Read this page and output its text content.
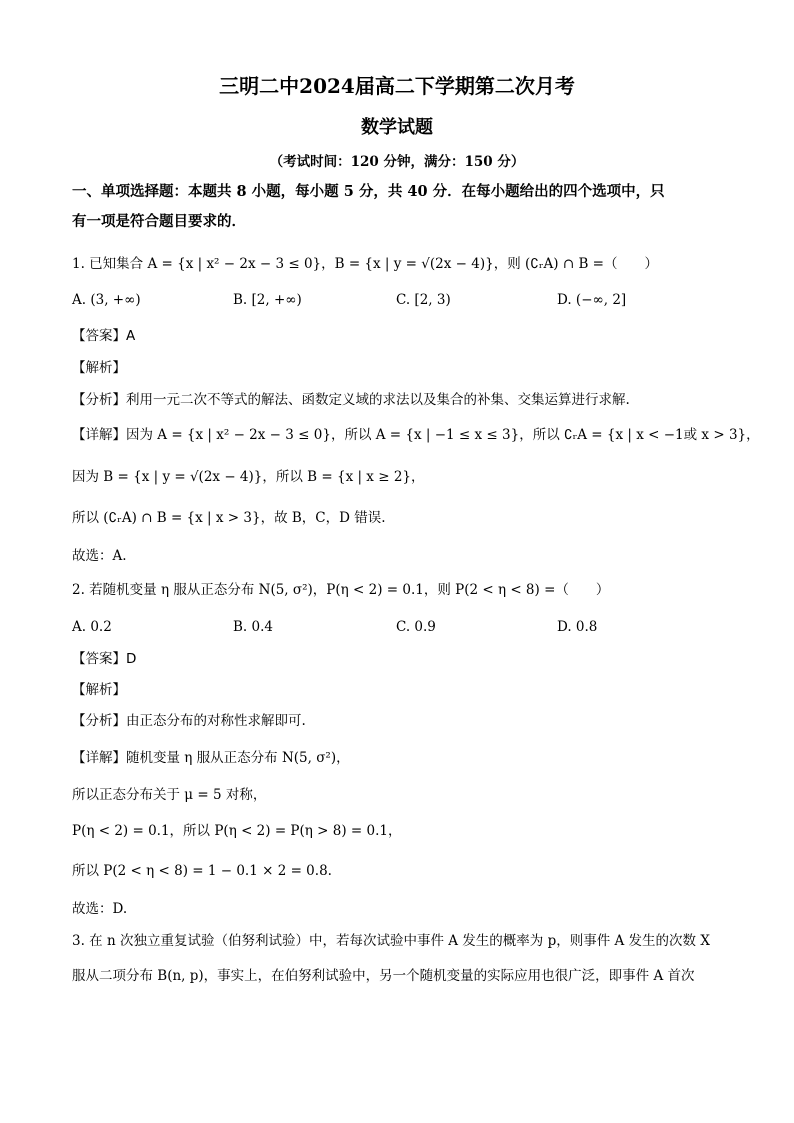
三明二中2024届高二下学期第二次月考
数学试题
（考试时间：120 分钟，满分：150 分）
一、单项选择题：本题共 8 小题，每小题 5 分，共 40 分．在每小题给出的四个选项中，只
有一项是符合题目要求的．
1. 已知集合 A = {x | x² − 2x − 3 ≤ 0}，B = {x | y = √(2x − 4)}，则 (∁ᵣA) ∩ B =（　　）
A. (3, +∞)	B. [2, +∞)	C. [2, 3)	D. (−∞, 2]
【答案】A
【解析】
【分析】利用一元二次不等式的解法、函数定义域的求法以及集合的补集、交集运算进行求解.
【详解】因为 A = {x | x² − 2x − 3 ≤ 0}，所以 A = {x | −1 ≤ x ≤ 3}，所以 ∁ᵣA = {x | x < −1或 x > 3}，
因为 B = {x | y = √(2x − 4)}，所以 B = {x | x ≥ 2}，
所以 (∁ᵣA) ∩ B = {x | x > 3}，故 B，C，D 错误.
故选：A.
2. 若随机变量 η 服从正态分布 N(5, σ²)，P(η < 2) = 0.1，则 P(2 < η < 8) =（　　）
A. 0.2	B. 0.4	C. 0.9	D. 0.8
【答案】D
【解析】
【分析】由正态分布的对称性求解即可.
【详解】随机变量 η 服从正态分布 N(5, σ²)，
所以正态分布关于 μ = 5 对称，
P(η < 2) = 0.1，所以 P(η < 2) = P(η > 8) = 0.1，
所以 P(2 < η < 8) = 1 − 0.1 × 2 = 0.8.
故选：D.
3. 在 n 次独立重复试验（伯努利试验）中，若每次试验中事件 A 发生的概率为 p，则事件 A 发生的次数 X
服从二项分布 B(n, p)，事实上，在伯努利试验中，另一个随机变量的实际应用也很广泛，即事件 A 首次
